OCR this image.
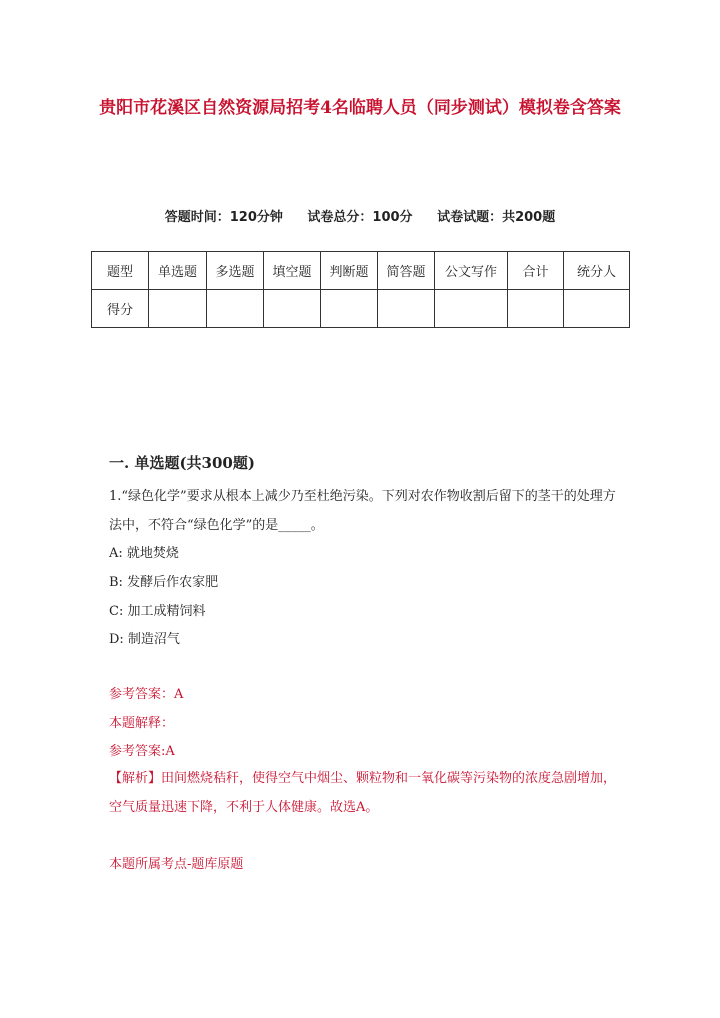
贵阳市花溪区自然资源局招考4名临聘人员（同步测试）模拟卷含答案
答题时间：120分钟 试卷总分：100分 试卷试题：共200题
题型	单选题	多选题	填空题	判断题	简答题	公文写作	合计	统分人
得分								
一. 单选题(共300题)
1.“绿色化学”要求从根本上减少乃至杜绝污染。下列对农作物收割后留下的茎干的处理方法中，不符合“绿色化学”的是_____。
A: 就地焚烧
B: 发酵后作农家肥
C: 加工成精饲料
D: 制造沼气
参考答案：A
本题解释：
参考答案:A
【解析】田间燃烧秸秆，使得空气中烟尘、颗粒物和一氧化碳等污染物的浓度急剧增加，空气质量迅速下降，不利于人体健康。故选A。
本题所属考点-题库原题
